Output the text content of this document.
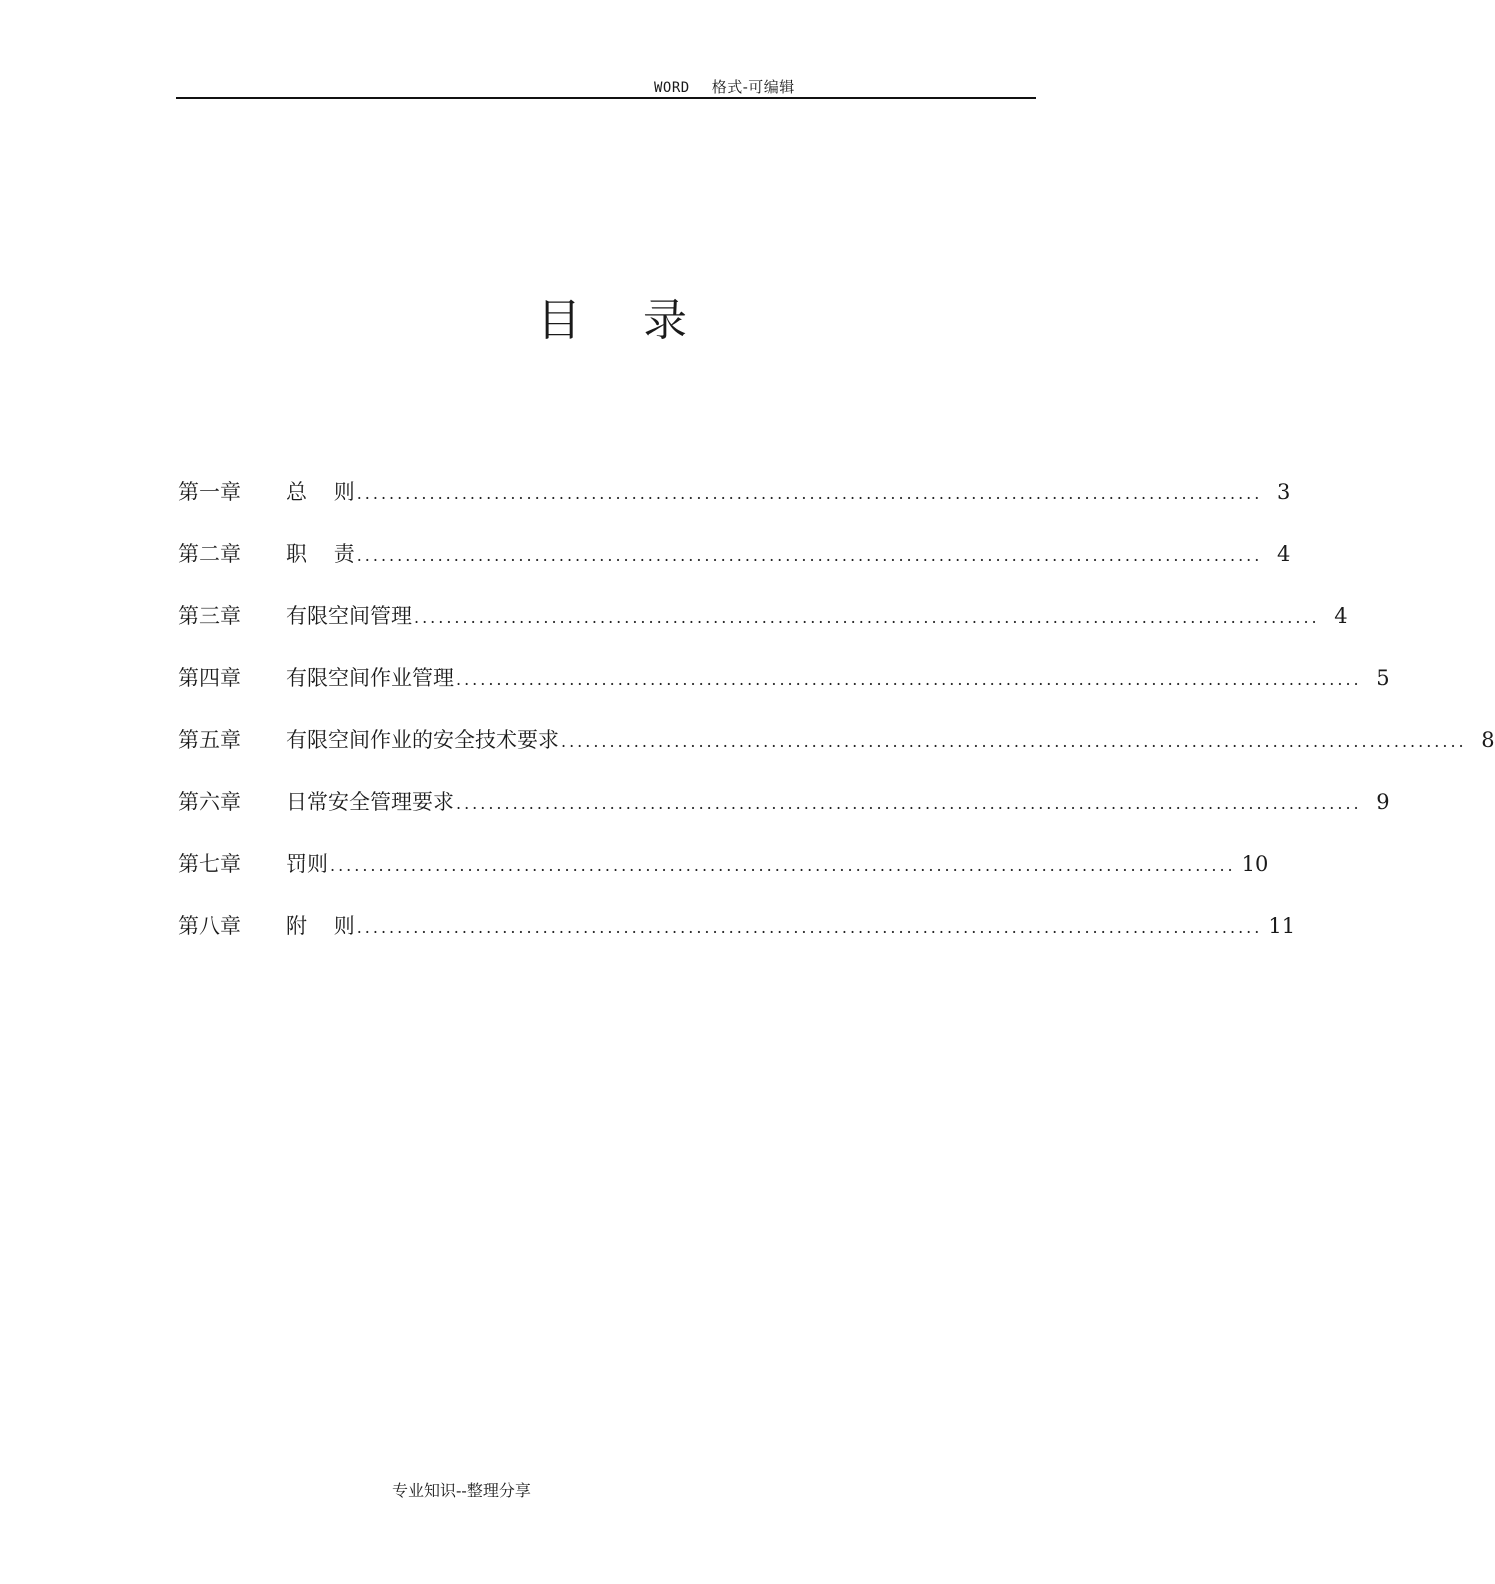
WORD 格式-可编辑
目 录
第一章	总    则 ................................................................................................................ 3
第二章	职    责 ................................................................................................................ 4
第三章	有限空间管理 ................................................................................................................ 4
第四章	有限空间作业管理 ................................................................................................................ 5
第五章	有限空间作业的安全技术要求 ................................................................................................................ 8
第六章	日常安全管理要求 ................................................................................................................ 9
第七章	罚则 ................................................................................................................ 10
第八章	附    则 ................................................................................................................ 11
专业知识--整理分享
